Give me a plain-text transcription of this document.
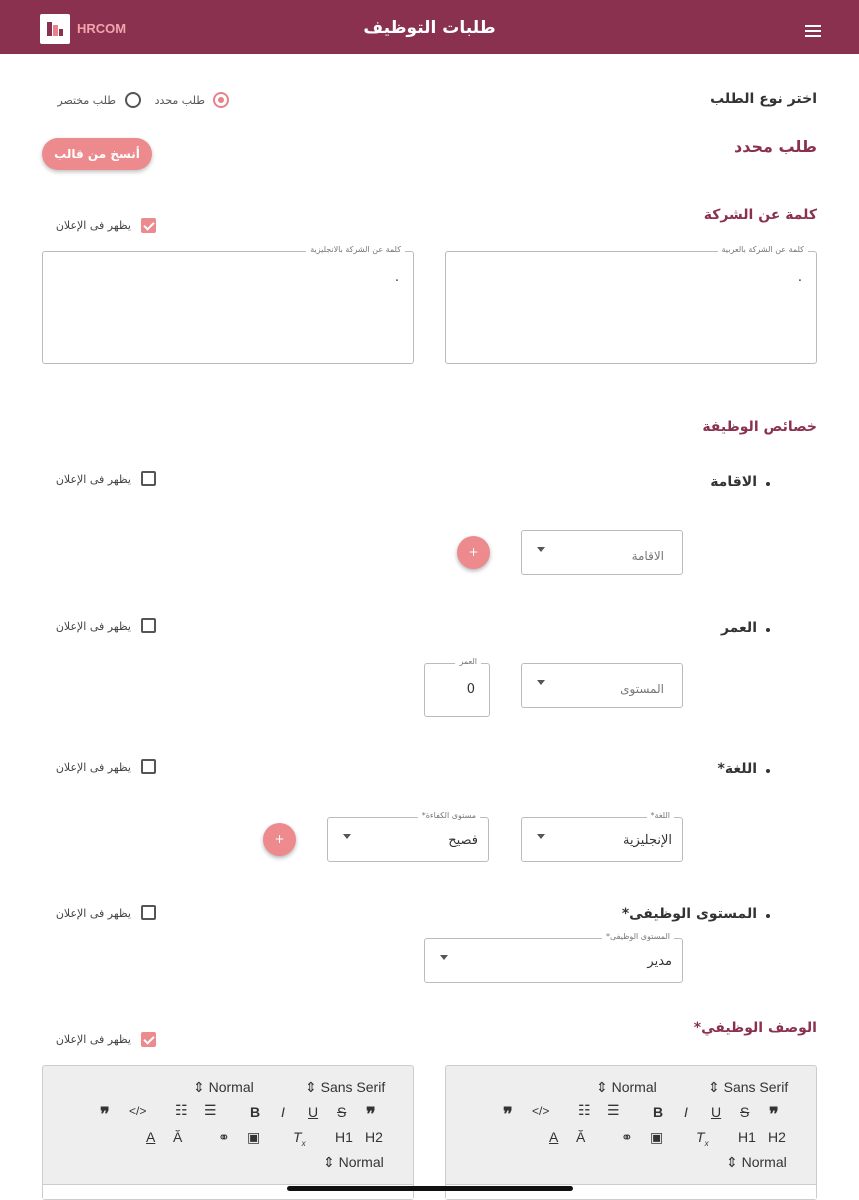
HRCOM	طلبات التوظيف
اختر نوع الطلب
طلب محدد
طلب مختصر
طلب محدد
أنسخ من قالب
كلمة عن الشركة
يظهر فى الإعلان
كلمة عن الشركة بالعربية
.
كلمة عن الشركة بالانجليزية
.
خصائص الوظيفة
الاقامة
يظهر فى الإعلان
الاقامة
+
العمر
يظهر فى الإعلان
المستوى
العمر
0
اللغة*
يظهر فى الإعلان
اللغة*
الإنجليزية
مستوى الكفاءة*
فصيح
+
المستوى الوظيفى*
يظهر فى الإعلان
المستوى الوظيفى*
مدير
الوصف الوظيفي*
يظهر فى الإعلان
⇕ Sans Serif
⇕ Normal
❞
S
U
I
B
☰
☷
</>
❞
H2
H1
$T_x$
▣
⚭
Ă
A
⇕ Normal
⇕ Sans Serif
⇕ Normal
❞
S
U
I
B
☰
☷
</>
❞
H2
H1
$T_x$
▣
⚭
Ă
A
⇕ Normal
